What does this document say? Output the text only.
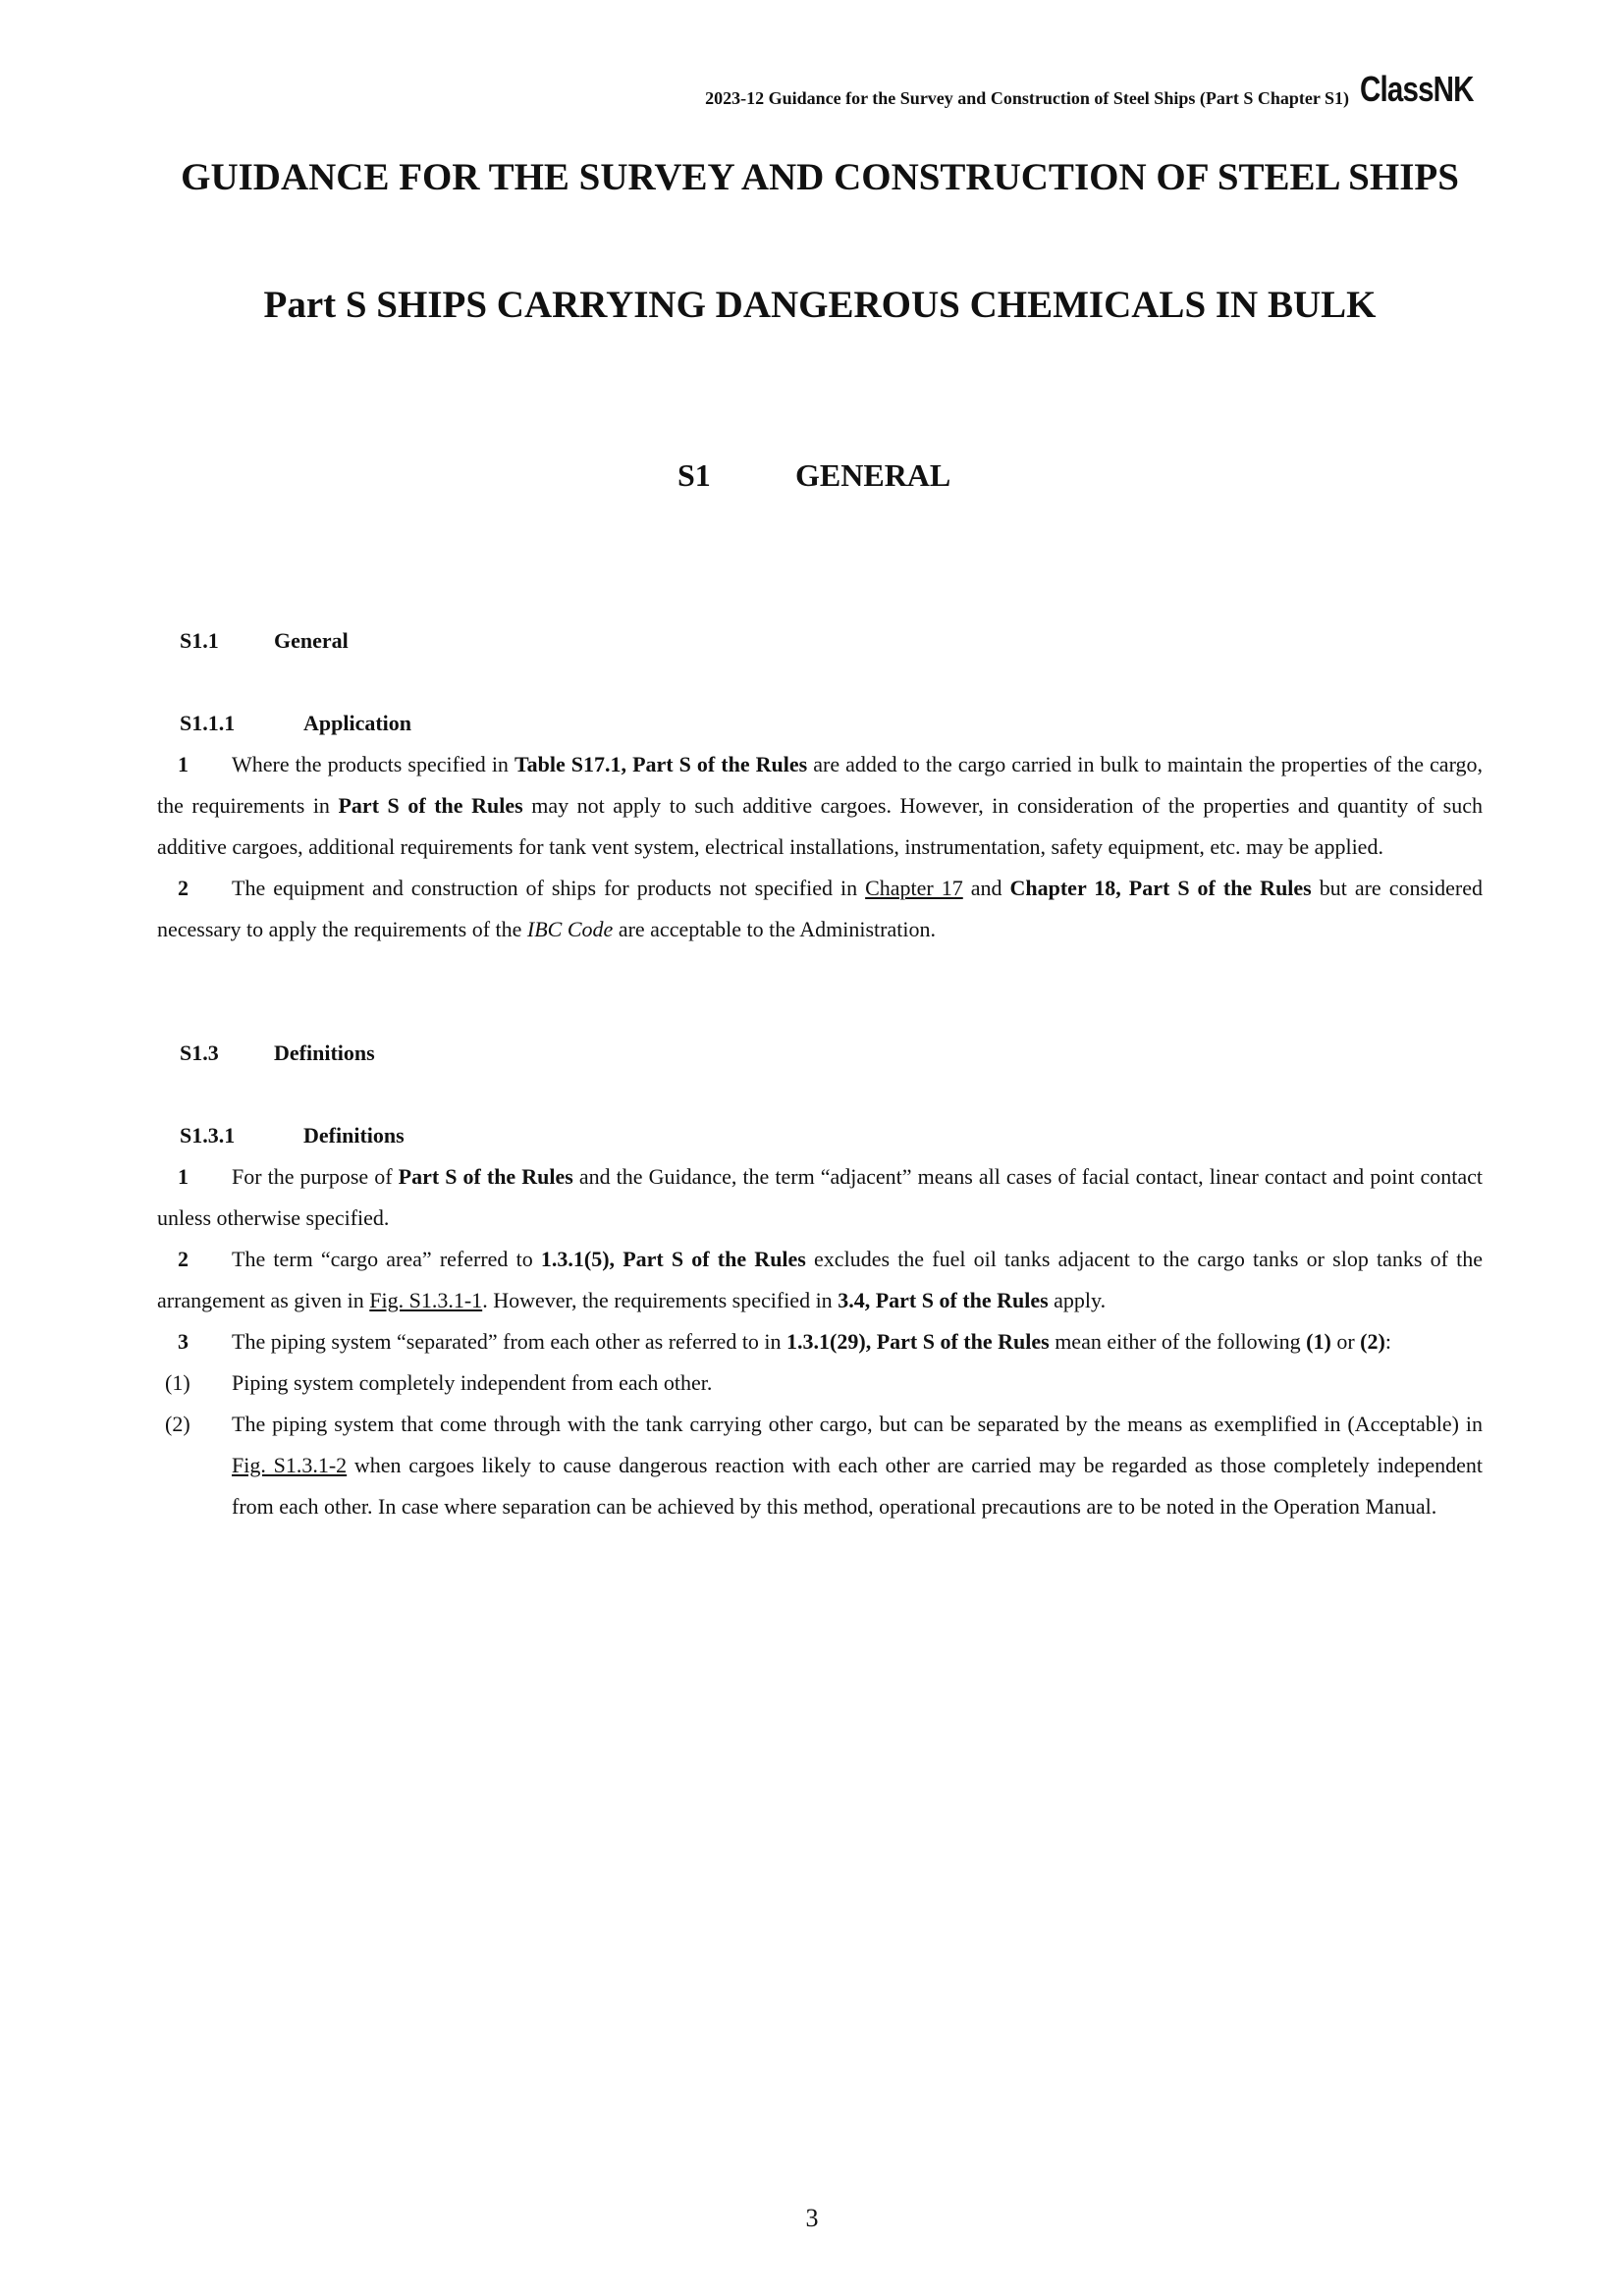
2023-12 Guidance for the Survey and Construction of Steel Ships (Part S Chapter S1) ClassNK
GUIDANCE FOR THE SURVEY AND CONSTRUCTION OF STEEL SHIPS
Part S SHIPS CARRYING DANGEROUS CHEMICALS IN BULK
S1	GENERAL
S1.1	General
S1.1.1	Application

1 Where the products specified in Table S17.1, Part S of the Rules are added to the cargo carried in bulk to maintain the properties of the cargo, the requirements in Part S of the Rules may not apply to such additive cargoes. However, in consideration of the properties and quantity of such additive cargoes, additional requirements for tank vent system, electrical installations, instrumentation, safety equipment, etc. may be applied.

2 The equipment and construction of ships for products not specified in Chapter 17 and Chapter 18, Part S of the Rules but are considered necessary to apply the requirements of the IBC Code are acceptable to the Administration.

S1.3	Definitions
S1.3.1	Definitions

1 For the purpose of Part S of the Rules and the Guidance, the term “adjacent” means all cases of facial contact, linear contact and point contact unless otherwise specified.

2 The term “cargo area” referred to 1.3.1(5), Part S of the Rules excludes the fuel oil tanks adjacent to the cargo tanks or slop tanks of the arrangement as given in Fig. S1.3.1-1. However, the requirements specified in 3.4, Part S of the Rules apply.

3 The piping system “separated” from each other as referred to in 1.3.1(29), Part S of the Rules mean either of the following (1) or (2):

(1)	Piping system completely independent from each other.
(2)	The piping system that come through with the tank carrying other cargo, but can be separated by the means as exemplified in (Acceptable) in Fig. S1.3.1-2 when cargoes likely to cause dangerous reaction with each other are carried may be regarded as those completely independent from each other. In case where separation can be achieved by this method, operational precautions are to be noted in the Operation Manual.
3
